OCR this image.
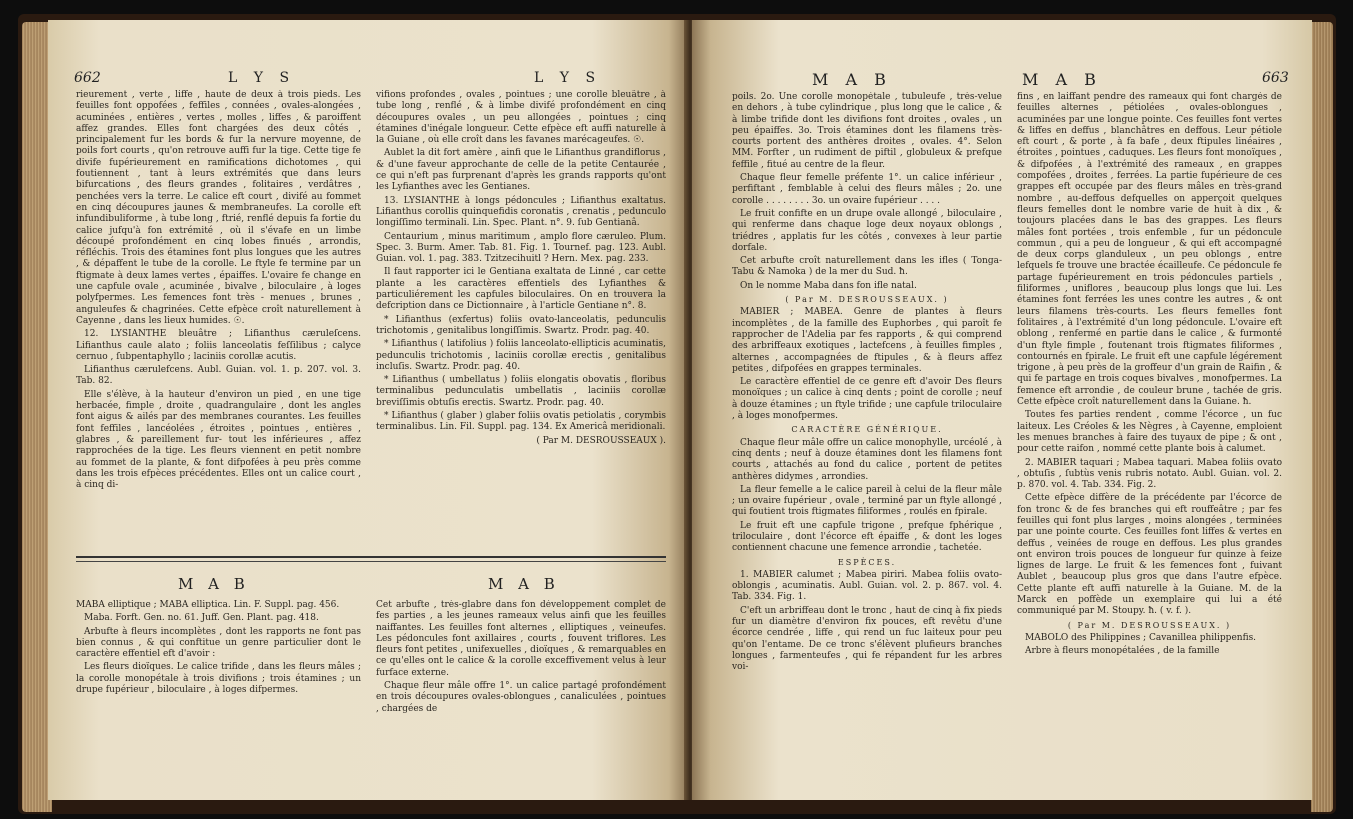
662	L Y S	L Y S

rieurement , verte , liffe , haute de deux à trois pieds. Les feuilles font oppofées , feffiles , connées , ovales-alongées , acuminées , entières , vertes , molles , liffes , & paroiffent affez grandes. Elles font chargées des deux côtés , principalement fur les bords & fur la nervure moyenne, de poils fort courts , qu'on retrouve auffi fur la tige. Cette tige fe divife fupérieurement en ramifications dichotomes , qui foutiennent , tant à leurs extrémités que dans leurs bifurcations , des fleurs grandes , folitaires , verdâtres , penchées vers la terre. Le calice eft court , divifé au fommet en cinq découpures jaunes & membraneufes. La corolle eft infundibuliforme , à tube long , ftrié, renflé depuis fa fortie du calice jufqu'à fon extrémité , où il s'évafe en un limbe découpé profondément en cinq lobes finués , arrondis, réfléchis. Trois des étamines font plus longues que les autres , & dépaffent le tube de la corolle. Le ftyle fe termine par un ftigmate à deux lames vertes , épaiffes. L'ovaire fe change en une capfule ovale , acuminée , bivalve , biloculaire , à loges polyfpermes. Les femences font très - menues , brunes , anguleufes & chagrinées. Cette efpèce croît naturellement à Cayenne , dans les lieux humides. ☉.

12. LYSIANTHE bleuâtre ; Lifianthus cæruleſcens. Lifianthus caule alato ; foliis lanceolatis feſſilibus ; calyce cernuo , ſubpentaphyllo ; laciniis corollæ acutis.

Lifianthus cærulefcens. Aubl. Guian. vol. 1. p. 207. vol. 3. Tab. 82.

Elle s'élève, à la hauteur d'environ un pied , en une tige herbacée, fimple , droite , quadrangulaire , dont les angles font aigus & ailés par des membranes courantes. Les feuilles font feffiles , lancéolées , étroites , pointues , entières , glabres , & pareillement fur- tout les inférieures , affez rapprochées de la tige. Les fleurs viennent en petit nombre au fommet de la plante, & font difpofées à peu près comme dans les trois efpèces précédentes. Elles ont un calice court , à cinq di-

vifions profondes , ovales , pointues ; une corolle bleuâtre , à tube long , renflé , & à limbe divifé profondément en cinq découpures ovales , un peu allongées , pointues ; cinq étamines d'inégale longueur. Cette efpèce eft auffi naturelle à la Guiane , où elle croît dans les favanes marécageufes. ☉.

Aublet la dit fort amère , ainfi que le Lifianthus grandiflorus , & d'une faveur approchante de celle de la petite Centaurée , ce qui n'eft pas furprenant d'après les grands rapports qu'ont les Lyfianthes avec les Gentianes.

13. LYSIANTHE à longs pédoncules ; Lifianthus exaltatus. Lifianthus corollis quinquefidis coronatis , crenatis , pedunculo longiſſimo terminali. Lin. Spec. Plant. n°. 9. ſub Gentianâ.

Centaurium , minus maritimum , amplo flore cæruleo. Plum. Spec. 3. Burm. Amer. Tab. 81. Fig. 1. Tournef. pag. 123. Aubl. Guian. vol. 1. pag. 383. Tzitzecihuitl ? Hern. Mex. pag. 233.

Il faut rapporter ici le Gentiana exaltata de Linné , car cette plante a les caractères effentiels des Lyfianthes & particuliérement les capfules biloculaires. On en trouvera la defcription dans ce Dictionnaire , à l'article Gentiane n°. 8.

* Lifianthus (exfertus) foliis ovato-lanceolatis, pedunculis trichotomis , genitalibus longiſſimis. Swartz. Prodr. pag. 40.

* Lifianthus ( latifolius ) foliis lanceolato-ellipticis acuminatis, pedunculis trichotomis , laciniis corollæ erectis , genitalibus incluſis. Swartz. Prodr. pag. 40.

* Lifianthus ( umbellatus ) foliis elongatis obovatis , floribus terminalibus pedunculatis umbellatis , laciniis corollæ breviſſimis obtuſis erectis. Swartz. Prodr. pag. 40.

* Lifianthus ( glaber ) glaber foliis ovatis petiolatis , corymbis terminalibus. Lin. Fil. Suppl. pag. 134. Ex Americâ meridionali.

( Par M. DESROUSSEAUX ).

M A B	M A B

MABA elliptique ; MABA elliptica. Lin. F. Suppl. pag. 456.

Maba. Forft. Gen. no. 61. Juff. Gen. Plant. pag. 418.

Arbufte à fleurs incomplètes , dont les rapports ne font pas bien connus , & qui conftitue un genre particulier dont le caractère effentiel eft d'avoir :

Les fleurs dioïques. Le calice trifide , dans les fleurs mâles ; la corolle monopétale à trois divifions ; trois étamines ; un drupe fupérieur , biloculaire , à loges difpermes.

Cet arbufte , très-glabre dans fon développement complet de fes parties , a les jeunes rameaux velus ainfi que les feuilles naiffantes. Les feuilles font alternes , elliptiques , veineufes. Les pédoncules font axillaires , courts , fouvent triflores. Les fleurs font petites , unifexuelles , dioïques , & remarquables en ce qu'elles ont le calice & la corolle exceffivement velus à leur furface externe.

Chaque fleur mâle offre 1°. un calice partagé profondément en trois découpures ovales-oblongues , canaliculées , pointues , chargées de

M A B	M A B	663

poils. 2o. Une corolle monopétale , tubuleufe , très-velue en dehors , à tube cylindrique , plus long que le calice , & à limbe trifide dont les divifions font droites , ovales , un peu épaiffes. 3o. Trois étamines dont les filamens très-courts portent des anthères droites , ovales. 4°. Selon MM. Forfter , un rudiment de piftil , globuleux & prefque feffile , fitué au centre de la fleur.

Chaque fleur femelle préfente 1°. un calice inférieur , perfiftant , femblable à celui des fleurs mâles ; 2o. une corolle . . . . . . . . 3o. un ovaire fupérieur . . . .

Le fruit confifte en un drupe ovale allongé , biloculaire , qui renferme dans chaque loge deux noyaux oblongs , triédres , applatis fur les côtés , convexes à leur partie dorfale.

Cet arbufte croît naturellement dans les ifles ( Tonga-Tabu & Namoka ) de la mer du Sud. ħ.

On le nomme Maba dans fon ifle natal.

( Par M. DESROUSSEAUX. )

MABIER ; MABEA. Genre de plantes à fleurs incomplètes , de la famille des Euphorbes , qui paroît fe rapprocher de l'Adelia par fes rapports , & qui comprend des arbriffeaux exotiques , lactefcens , à feuilles fimples , alternes , accompagnées de ftipules , & à fleurs affez petites , difpofées en grappes terminales.

Le caractère effentiel de ce genre eft d'avoir Des fleurs monoïques ; un calice à cinq dents ; point de corolle ; neuf à douze étamines ; un ftyle trifide ; une capfule triloculaire , à loges monofpermes.

CARACTÈRE GÉNÉRIQUE.

Chaque fleur mâle offre un calice monophylle, urcéolé , à cinq dents ; neuf à douze étamines dont les filamens font courts , attachés au fond du calice , portent de petites anthères didymes , arrondies.

La fleur femelle a le calice pareil à celui de la fleur mâle ; un ovaire fupérieur , ovale , terminé par un ftyle allongé , qui foutient trois ftigmates filiformes , roulés en fpirale.

Le fruit eft une capfule trigone , prefque fphérique , triloculaire , dont l'écorce eft épaiffe , & dont les loges contiennent chacune une femence arrondie , tachetée.

ESPÈCES.

1. MABIER calumet ; Mabea piriri. Mabea foliis ovato-oblongis , acuminatis. Aubl. Guian. vol. 2. p. 867. vol. 4. Tab. 334. Fig. 1.

C'eft un arbriffeau dont le tronc , haut de cinq à fix pieds fur un diamètre d'environ fix pouces, eft revêtu d'une écorce cendrée , liffe , qui rend un fuc laiteux pour peu qu'on l'entame. De ce tronc s'élèvent plufieurs branches longues , farmenteufes , qui fe répandent fur les arbres voi-

fins , en laiffant pendre des rameaux qui font chargés de feuilles alternes , pétiolées , ovales-oblongues , acuminées par une longue pointe. Ces feuilles font vertes & liffes en deffus , blanchâtres en deffous. Leur pétiole eft court , & porte , à fa bafe , deux ftipules linéaires , étroites , pointues , caduques. Les fleurs font monoïques , & difpofées , à l'extrémité des rameaux , en grappes compofées , droites , ferrées. La partie fupérieure de ces grappes eft occupée par des fleurs mâles en très-grand nombre , au-deffous defquelles on apperçoit quelques fleurs femelles dont le nombre varie de huit à dix , & toujours placées dans le bas des grappes. Les fleurs mâles font portées , trois enfemble , fur un pédoncule commun , qui a peu de longueur , & qui eft accompagné de deux corps glanduleux , un peu oblongs , entre lefquels fe trouve une bractée écailleufe. Ce pédoncule fe partage fupérieurement en trois pédoncules partiels , filiformes , uniflores , beaucoup plus longs que lui. Les étamines font ferrées les unes contre les autres , & ont leurs filamens très-courts. Les fleurs femelles font folitaires , à l'extrémité d'un long pédoncule. L'ovaire eft oblong , renfermé en partie dans le calice , & furmonté d'un ftyle fimple , foutenant trois ftigmates filiformes , contournés en fpirale. Le fruit eft une capfule légérement trigone , à peu près de la groffeur d'un grain de Raifin , & qui fe partage en trois coques bivalves , monofpermes. La femence eft arrondie , de couleur brune , tachée de gris. Cette efpèce croît naturellement dans la Guiane. ħ.

Toutes fes parties rendent , comme l'écorce , un fuc laiteux. Les Créoles & les Nègres , à Cayenne, emploient les menues branches à faire des tuyaux de pipe ; & ont , pour cette raifon , nommé cette plante bois à calumet.

2. MABIER taquari ; Mabea taquari. Mabea foliis ovato , obtuſis , ſubtùs venis rubris notato. Aubl. Guian. vol. 2. p. 870. vol. 4. Tab. 334. Fig. 2.

Cette efpèce diffère de la précédente par l'écorce de fon tronc & de fes branches qui eft rouffeâtre ; par fes feuilles qui font plus larges , moins alongées , terminées par une pointe courte. Ces feuilles font liffes & vertes en deffus , veinées de rouge en deffous. Les plus grandes ont environ trois pouces de longueur fur quinze à feize lignes de large. Le fruit & les femences font , fuivant Aublet , beaucoup plus gros que dans l'autre efpèce. Cette plante eft auffi naturelle à la Guiane. M. de la Marck en poffède un exemplaire qui lui a été communiqué par M. Stoupy. ħ. ( v. f. ).

( Par M. DESROUSSEAUX. )

MABOLO des Philippines ; Cavanillea philippenfis.

Arbre à fleurs monopétalées , de la famille
